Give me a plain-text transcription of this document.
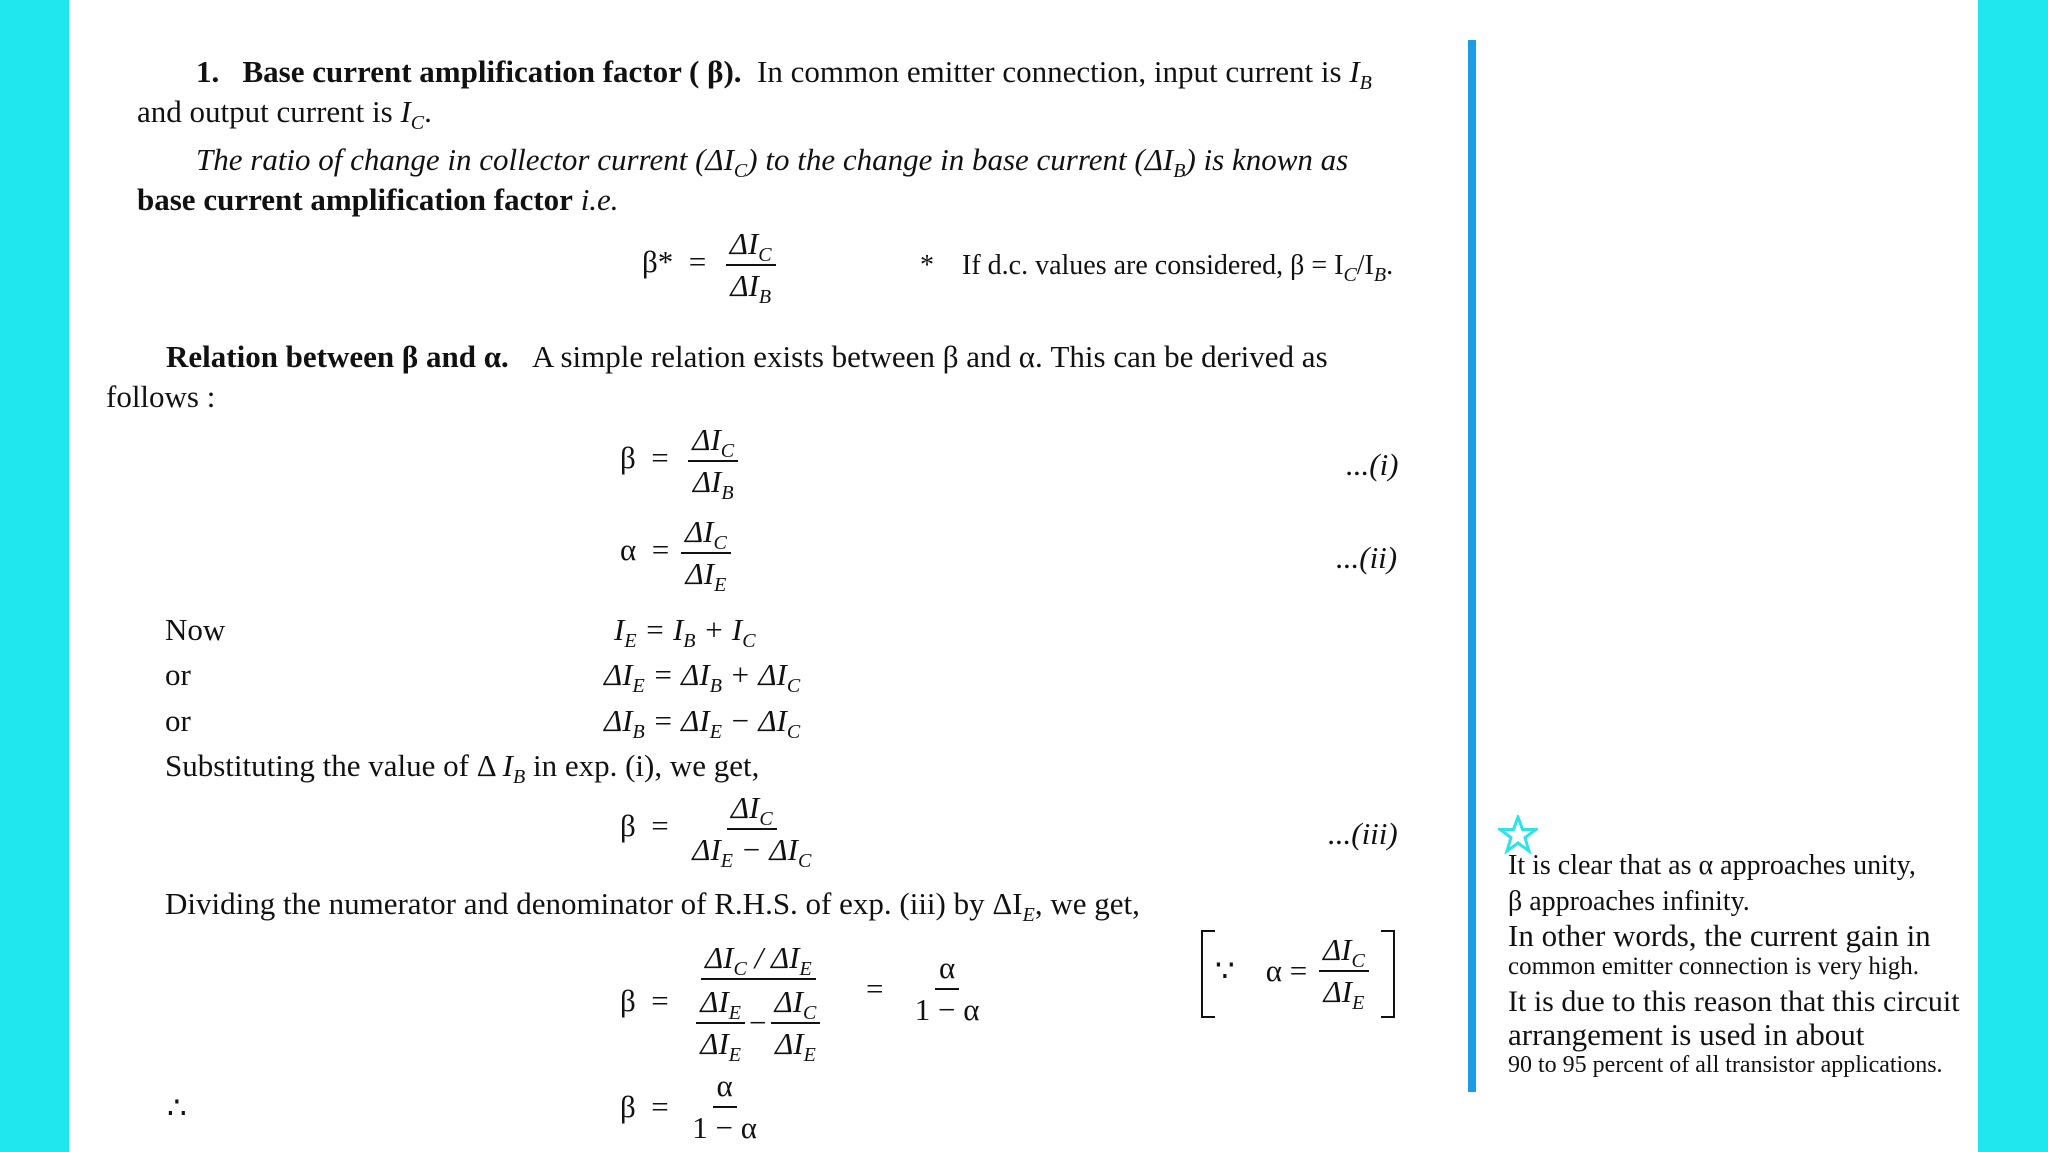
1. Base current amplification factor ( β). In common emitter connection, input current is $I_B$
and output current is $I_C$.
The ratio of change in collector current $(\Delta I_C)$ to the change in base current $(\Delta I_B)$ is known as
base current amplification factor i.e.
$\beta* = \frac{\Delta I_C}{\Delta I_B}$	* If d.c. values are considered, $\beta = I_C/I_B$.
Relation between β and α. A simple relation exists between β and α. This can be derived as
follows :
$\beta = \frac{\Delta I_C}{\Delta I_B}$	...(i)
$\alpha = \frac{\Delta I_C}{\Delta I_E}$	...(ii)
Now	$I_E = I_B + I_C$
or	$\Delta I_E = \Delta I_B + \Delta I_C$
or	$\Delta I_B = \Delta I_E - \Delta I_C$
Substituting the value of Δ $I_B$ in exp. (i), we get,
$\beta = \frac{\Delta I_C}{\Delta I_E - \Delta I_C}$	...(iii)
Dividing the numerator and denominator of R.H.S. of exp. (iii) by $\Delta I_E$, we get,
β =
$\Delta I_C / \Delta I_E$
$\frac{\Delta I_E}{\Delta I_E} - \frac{\Delta I_C}{\Delta I_E} = \frac{\alpha}{1 - \alpha}$	∵ $\alpha = \frac{\Delta I_C}{\Delta I_E}$
∴	$\beta = \frac{\alpha}{1 - \alpha}$
It is clear that as α approaches unity,
β approaches infinity.
In other words, the current gain in
common emitter connection is very high.
It is due to this reason that this circuit
arrangement is used in about
90 to 95 percent of all transistor applications.
